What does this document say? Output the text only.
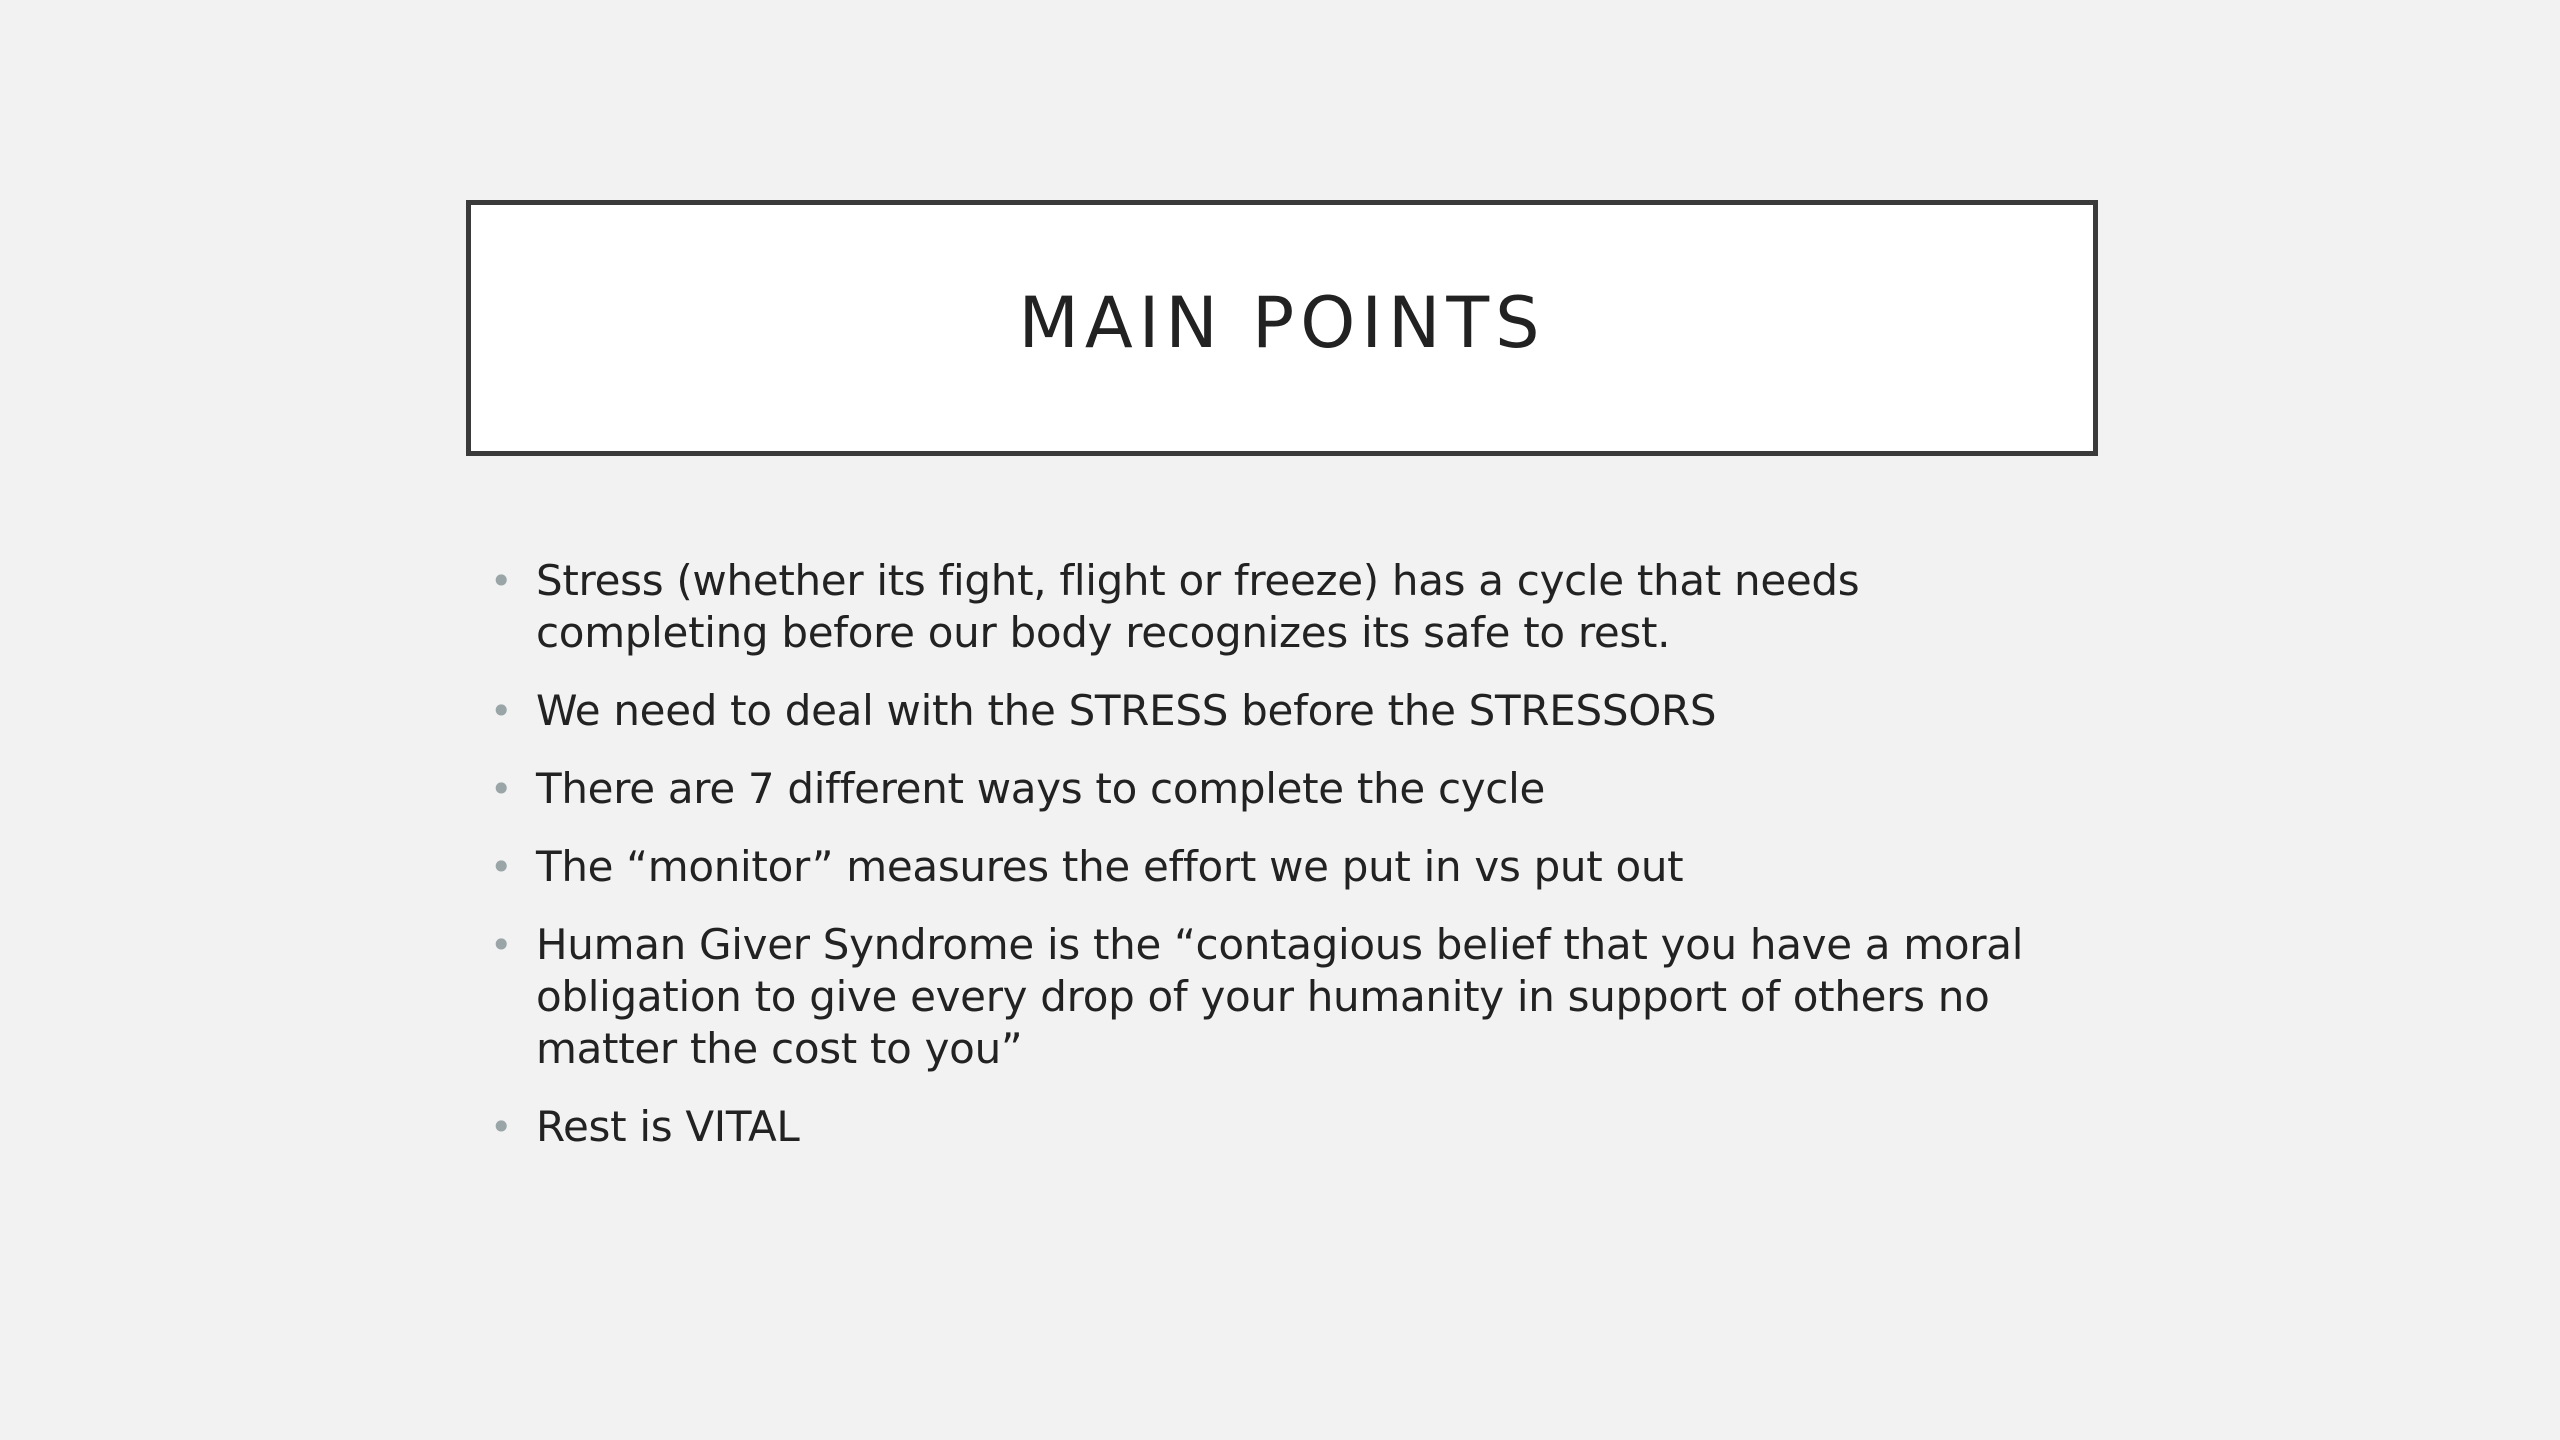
MAIN POINTS
• Stress (whether its fight, flight or freeze) has a cycle that needs completing before our body recognizes its safe to rest.
• We need to deal with the STRESS before the STRESSORS
• There are 7 different ways to complete the cycle
• The “monitor” measures the effort we put in vs put out
• Human Giver Syndrome is the “contagious belief that you have a moral obligation to give every drop of your humanity in support of others no matter the cost to you”
• Rest is VITAL
